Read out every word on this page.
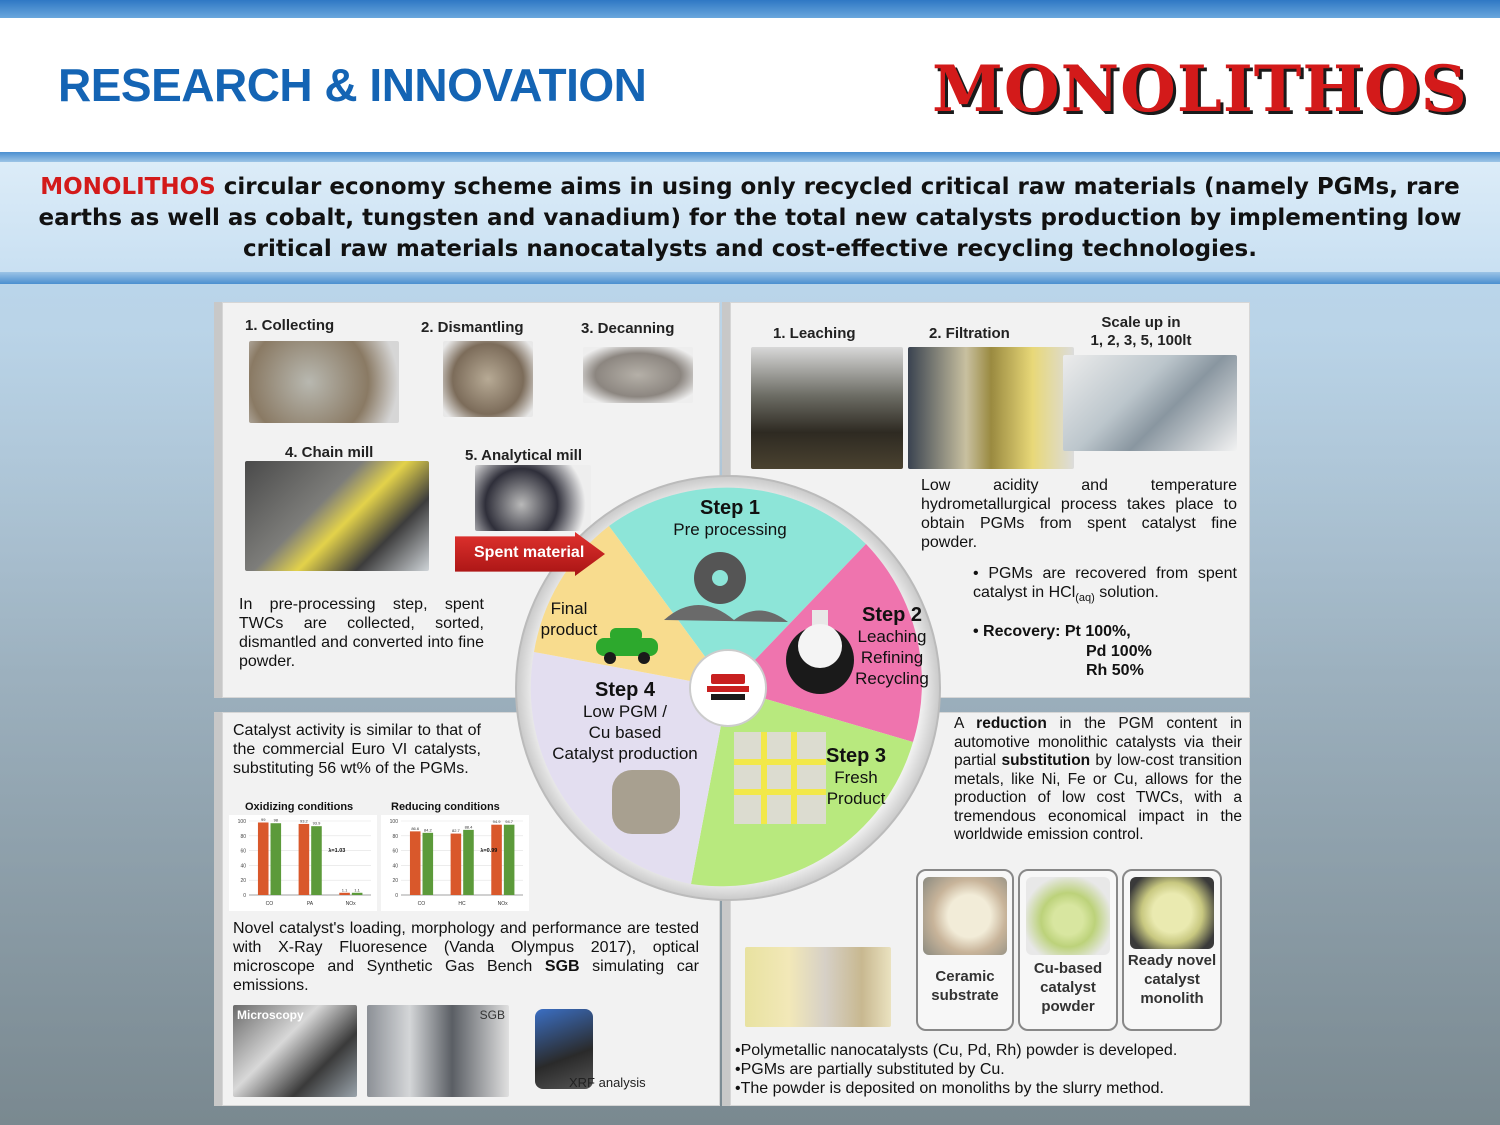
RESEARCH & INNOVATION	MONOLITHOS
MONOLITHOS circular economy scheme aims in using only recycled critical raw materials (namely PGMs, rare earths as well as cobalt, tungsten and vanadium) for the total new catalysts production by implementing low critical raw materials nanocatalysts and cost-effective recycling technologies.
1. Collecting	2. Dismantling	3. Decanning
4. Chain mill	5. Analytical mill
In pre-processing step, spent TWCs are collected, sorted, dismantled and converted into fine powder.
1. Leaching	2. Filtration
Scale up in
1, 2, 3, 5, 100lt
Low acidity and temperature hydrometallurgical process takes place to obtain PGMs from spent catalyst fine powder.
• PGMs are recovered from spent catalyst in HCl$_{(aq)}$ solution.
• Recovery: Pt 100%,
Pd 100%
Rh 50%
Catalyst activity is similar to that of the commercial Euro VI catalysts, substituting 56 wt% of the PGMs.
Oxidizing conditions	Reducing conditions
0
20
40
60
80
100	99 98
CO
93.2 93.9
PA
1.1 1.1
NOx
λ=1.03
0
20
40
60
80
100
86.6 84.2
CO
82.7
88.4
HC
94.9 94.7
NOx
λ=0.99
Novel catalyst's loading, morphology and performance are tested with X-Ray Fluoresence (Vanda Olympus 2017), optical microscope and Synthetic Gas Bench SGB simulating car emissions.
Microscopy	SGB
XRF analysis
A reduction in the PGM content in automotive monolithic catalysts via their partial substitution by low-cost transition metals, like Ni, Fe or Cu, allows for the production of low cost TWCs, with a tremendous economical impact in the worldwide emission control.
Ceramic substrate
Cu-based catalyst powder
Ready novel catalyst monolith
•Polymetallic nanocatalysts (Cu, Pd, Rh) powder is developed.
•PGMs are partially substituted by Cu.
•The powder is deposited on monoliths by the slurry method.
Spent material
Step 1
Pre processing
Step 2
Leaching
Refining
Recycling
Step 3
Fresh
Product
Step 4
Low PGM /
Cu based
Catalyst production
Final
product
